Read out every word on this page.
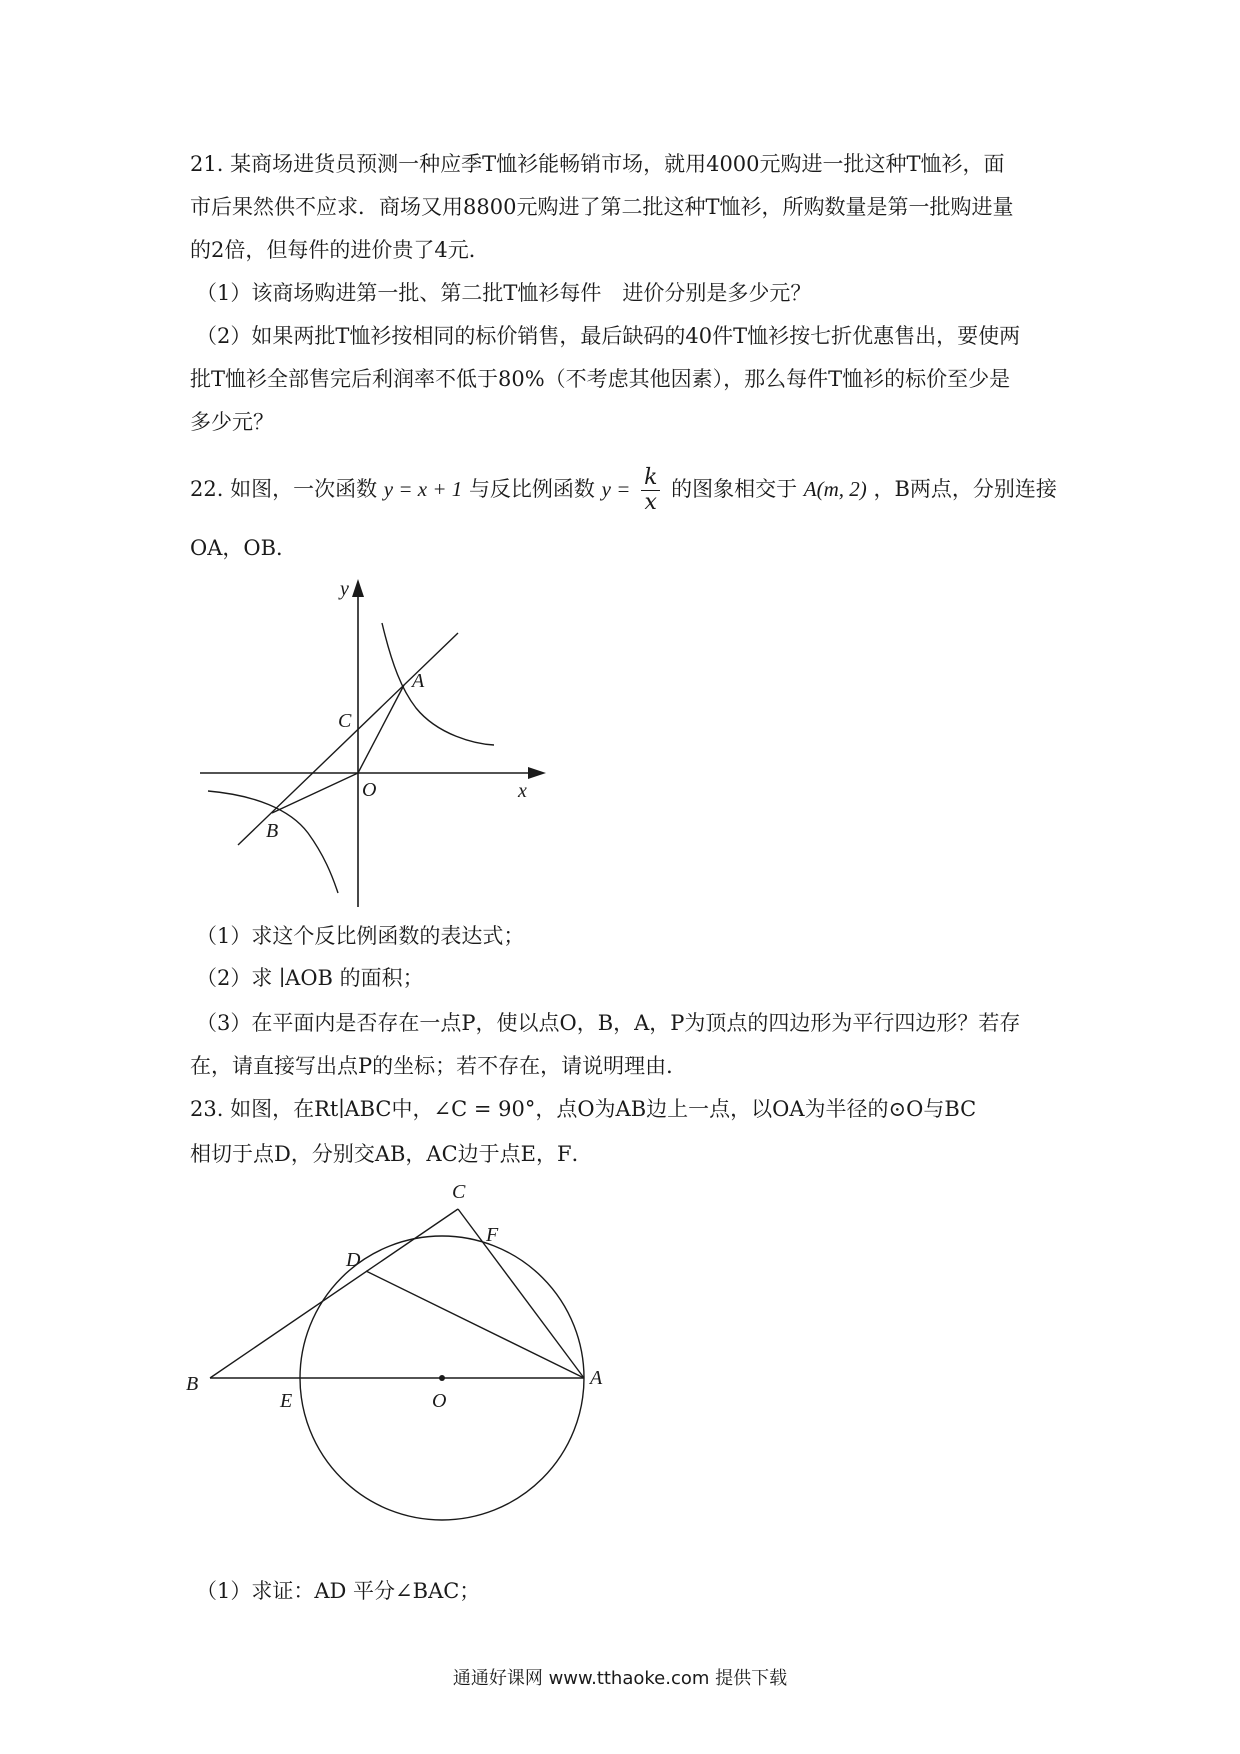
21. 某商场进货员预测一种应季T恤衫能畅销市场，就用4000元购进一批这种T恤衫，面
市后果然供不应求．商场又用8800元购进了第二批这种T恤衫，所购数量是第一批购进量
的2倍，但每件的进价贵了4元．
（1）该商场购进第一批、第二批T恤衫每件　进价分别是多少元？
（2）如果两批T恤衫按相同的标价销售，最后缺码的40件T恤衫按七折优惠售出，要使两
批T恤衫全部售完后利润率不低于80%（不考虑其他因素），那么每件T恤衫的标价至少是
多少元？
22. 如图，一次函数 y = x + 1 与反比例函数 $y = \frac{k}{x}$ 的图象相交于 A(m, 2) ，B两点，分别连接
OA，OB．
y
x
A
B
C
O
（1）求这个反比例函数的表达式；
（2）求 ∣AOB 的面积；
（3）在平面内是否存在一点P，使以点O，B，A，P为顶点的四边形为平行四边形？若存
在，请直接写出点P的坐标；若不存在，请说明理由．
23. 如图，在Rt∣ABC中，∠C = 90°，点O为AB边上一点，以OA为半径的⊙O与BC
相切于点D，分别交AB，AC边于点E，F．
C
F
D
B
E	O
A
（1）求证：AD 平分∠BAC；
通通好课网 www.tthaoke.com 提供下载
